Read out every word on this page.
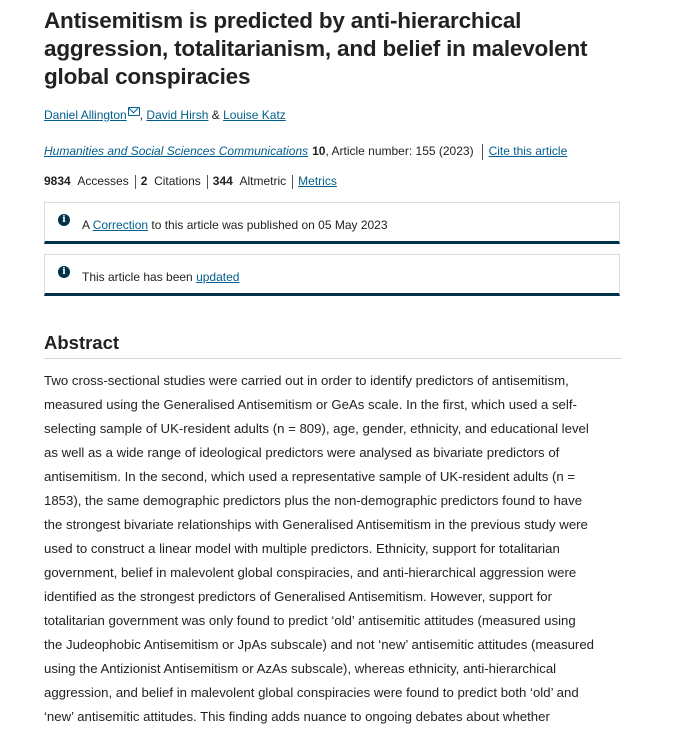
Antisemitism is predicted by anti-hierarchical aggression, totalitarianism, and belief in malevolent global conspiracies
Daniel Allington , David Hirsh & Louise Katz
Humanities and Social Sciences Communications 10, Article number: 155 (2023) Cite this article
9834 Accesses 2 Citations 344 Altmetric Metrics
i	A Correction to this article was published on 05 May 2023
i	This article has been updated
Abstract

Two cross-sectional studies were carried out in order to identify predictors of antisemitism,
measured using the Generalised Antisemitism or GeAs scale. In the first, which used a self-
selecting sample of UK-resident adults (n = 809), age, gender, ethnicity, and educational level
as well as a wide range of ideological predictors were analysed as bivariate predictors of
antisemitism. In the second, which used a representative sample of UK-resident adults (n =
1853), the same demographic predictors plus the non-demographic predictors found to have
the strongest bivariate relationships with Generalised Antisemitism in the previous study were
used to construct a linear model with multiple predictors. Ethnicity, support for totalitarian
government, belief in malevolent global conspiracies, and anti-hierarchical aggression were
identified as the strongest predictors of Generalised Antisemitism. However, support for
totalitarian government was only found to predict ‘old’ antisemitic attitudes (measured using
the Judeophobic Antisemitism or JpAs subscale) and not ‘new’ antisemitic attitudes (measured
using the Antizionist Antisemitism or AzAs subscale), whereas ethnicity, anti-hierarchical
aggression, and belief in malevolent global conspiracies were found to predict both ‘old’ and
‘new’ antisemitic attitudes. This finding adds nuance to ongoing debates about whether
